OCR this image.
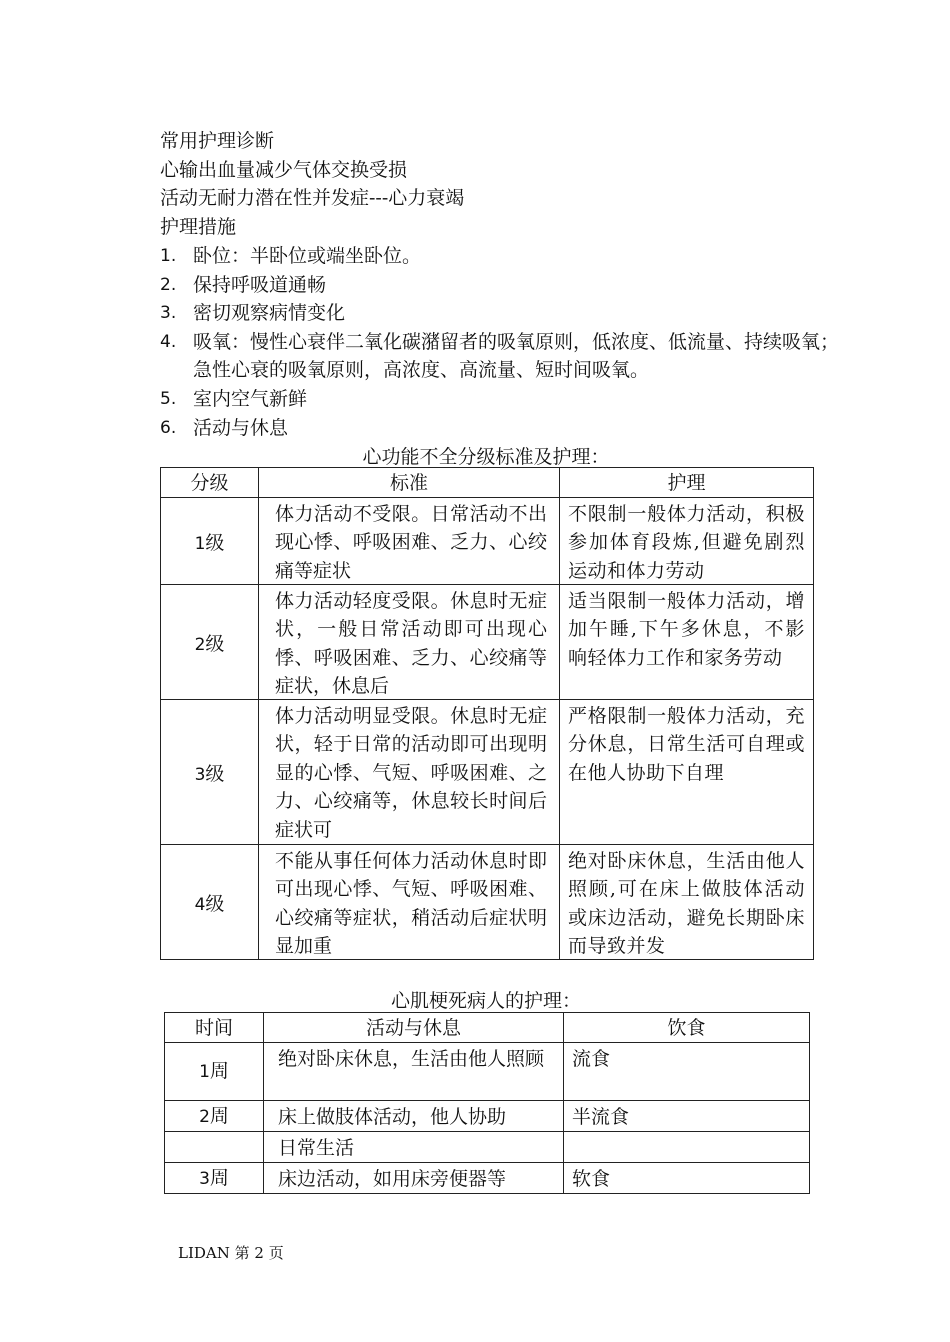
常用护理诊断
心输出血量减少气体交换受损
活动无耐力潜在性并发症---心力衰竭
护理措施
1. 卧位：半卧位或端坐卧位。
2. 保持呼吸道通畅
3. 密切观察病情变化
4. 吸氧：慢性心衰伴二氧化碳潴留者的吸氧原则，低浓度、低流量、持续吸氧；急性心衰的吸氧原则，高浓度、高流量、短时间吸氧。
5. 室内空气新鲜
6. 活动与休息
心功能不全分级标准及护理：
分级	标准	护理
1级	体力活动不受限。日常活动不出现心悸、呼吸困难、乏力、心绞痛等症状	不限制一般体力活动，积极参加体育段炼,但避免剧烈运动和体力劳动

2级	体力活动轻度受限。休息时无症状，一般日常活动即可出现心悸、呼吸困难、乏力、心绞痛等症状，休息后	适当限制一般体力活动，增加午睡,下午多休息，不影响轻体力工作和家务劳动

3级	体力活动明显受限。休息时无症状，轻于日常的活动即可出现明显的心悸、气短、呼吸困难、之力、心绞痛等，休息较长时间后症状可	严格限制一般体力活动，充分休息，日常生活可自理或在他人协助下自理

4级	不能从事任何体力活动休息时即可出现心悸、气短、呼吸困难、心绞痛等症状，稍活动后症状明显加重	绝对卧床休息，生活由他人照顾,可在床上做肢体活动或床边活动，避免长期卧床而导致并发
心肌梗死病人的护理：
时间	活动与休息	饮食
1周	绝对卧床休息，生活由他人照顾	流食
2周	床上做肢体活动，他人协助	半流食
	日常生活	
3周	床边活动，如用床旁便器等	软食
LIDAN 第 2 页
